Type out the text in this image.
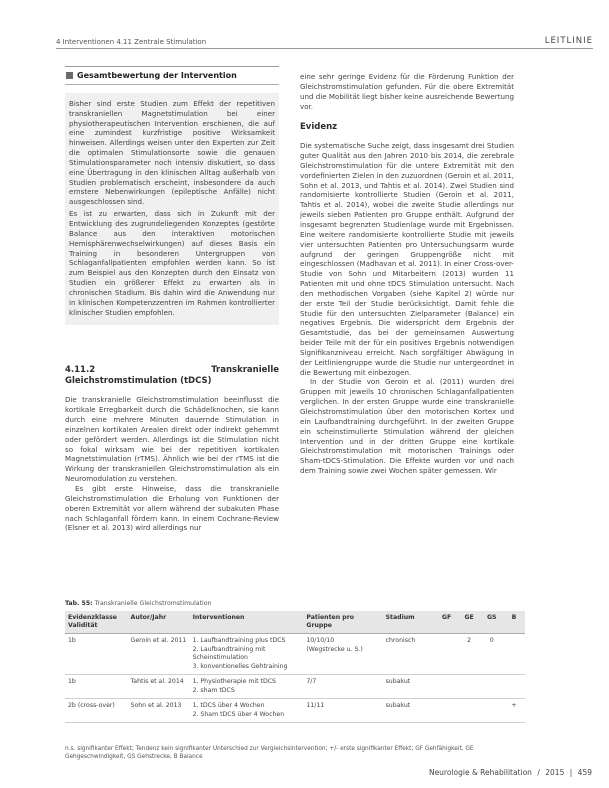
4 Interventionen 4.11 Zentrale Stimulation	LEITLINIE
Gesamtbewertung der Intervention

Bisher sind erste Studien zum Effekt der repetitiven transkraniellen Magnetstimulation bei einer physiotherapeutischen Intervention erschienen, die auf eine zumindest kurzfristige positive Wirksamkeit hinweisen. Allerdings weisen unter den Experten zur Zeit die optimalen Stimulationsorte sowie die genauen Stimulationsparameter noch intensiv diskutiert, so dass eine Übertragung in den klinischen Alltag außerhalb von Studien problematisch erscheint, insbesondere da auch ernstere Nebenwirkungen (epileptische Anfälle) nicht ausgeschlossen sind.

Es ist zu erwarten, dass sich in Zukunft mit der Entwicklung des zugrundeliegenden Konzeptes (gestörte Balance aus den interaktiven motorischen Hemisphärenwechselwirkungen) auf dieses Basis ein Training in besonderen Untergruppen von Schlaganfallpatienten empfohlen werden kann. So ist zum Beispiel aus den Konzepten durch den Einsatz von Studien ein größerer Effekt zu erwarten als in chronischen Stadium. Bis dahin wird die Anwendung nur in klinischen Kompetenzzentren im Rahmen kontrollierter klinischer Studien empfohlen.

4.11.2	Transkranielle Gleichstromstimulation (tDCS)

Die transkranielle Gleichstromstimulation beeinflusst die kortikale Erregbarkeit durch die Schädelknochen, sie kann durch eine mehrere Minuten dauernde Stimulation in einzelnen kortikalen Arealen direkt oder indirekt gehemmt oder gefördert werden. Allerdings ist die Stimulation nicht so fokal wirksam wie bei der repetitiven kortikalen Magnetstimulation (rTMS). Ähnlich wie bei der rTMS ist die Wirkung der transkraniellen Gleichstromstimulation als ein Neuromodulation zu verstehen.

Es gibt erste Hinweise, dass die transkranielle Gleichstromstimulation die Erholung von Funktionen der oberen Extremität vor allem während der subakuten Phase nach Schlaganfall fördern kann. In einem Cochrane-Review (Elsner et al. 2013) wird allerdings nur

eine sehr geringe Evidenz für die Förderung Funktion der Gleichstromstimulation gefunden. Für die obere Extremität und die Mobilität liegt bisher keine ausreichende Bewertung vor.

Evidenz

Die systematische Suche zeigt, dass insgesamt drei Studien guter Qualität aus den Jahren 2010 bis 2014, die zerebrale Gleichstromstimulation für die untere Extremität mit den vordefinierten Zielen in den zuzuordnen (Geroin et al. 2011, Sohn et al. 2013, und Tahtis et al. 2014). Zwei Studien sind randomisierte kontrollierte Studien (Geroin et al. 2011, Tahtis et al. 2014), wobei die zweite Studie allerdings nur jeweils sieben Patienten pro Gruppe enthält. Aufgrund der insgesamt begrenzten Studienlage wurde mit Ergebnissen. Eine weitere randomisierte kontrollierte Studie mit jeweils vier untersuchten Patienten pro Untersuchungsarm wurde aufgrund der geringen Gruppengröße nicht mit eingeschlossen (Madhavan et al. 2011). In einer Cross-over-Studie von Sohn und Mitarbeitern (2013) wurden 11 Patienten mit und ohne tDCS Stimulation untersucht. Nach den methodischen Vorgaben (siehe Kapitel 2) würde nur der erste Teil der Studie berücksichtigt. Damit fehle die Studie für den untersuchten Zielparameter (Balance) ein negatives Ergebnis. Die widerspricht dem Ergebnis der Gesamtstudie, das bei der gemeinsamen Auswertung beider Teile mit der für ein positives Ergebnis notwendigen Signifikanzniveau erreicht. Nach sorgfältiger Abwägung in der Leitliniengruppe wurde die Studie nur untergeordnet in die Bewertung mit einbezogen.

In der Studie von Geroin et al. (2011) wurden drei Gruppen mit jeweils 10 chronischen Schlaganfallpatienten verglichen. In der ersten Gruppe wurde eine transkranielle Gleichstromstimulation über den motorischen Kortex und ein Laufbandtraining durchgeführt. In der zweiten Gruppe ein scheinstimulierte Stimulation während der gleichen Intervention und in der dritten Gruppe eine kortikale Gleichstromstimulation mit motorischen Trainings oder Sham-tDCS-Stimulation. Die Effekte wurden vor und nach dem Training sowie zwei Wochen später gemessen. Wir

Tab. 55: Transkranielle Gleichstromstimulation
Evidenzklasse Validität	Autor/Jahr	Interventionen	Patienten pro Gruppe	Stadium	GF	GE	GS	B
1b	Geroin et al. 2011	1. Laufbandtraining plus tDCS
2. Laufbandtraining mit Scheinstimulation
3. konventionelles Gehtraining	10/10/10
(Wegstrecke u. S.)	chronisch		2	0	
1b	Tahtis et al. 2014	1. Physiotherapie mit tDCS
2. sham tDCS	7/7	subakut				
2b (cross-over)	Sohn et al. 2013	1. tDCS über 4 Wochen
2. Sham tDCS über 4 Wochen	11/11	subakut				+
n.s. signifikanter Effekt; Tendenz kein signifikanter Unterschied zur Vergleichsintervention; +/- erste signifikanter Effekt; GF Gehfähigkeit, GE Gehgeschwindigkeit, GS Gehstrecke, B Balance
Neurologie & Rehabilitation / 2015 | 459
